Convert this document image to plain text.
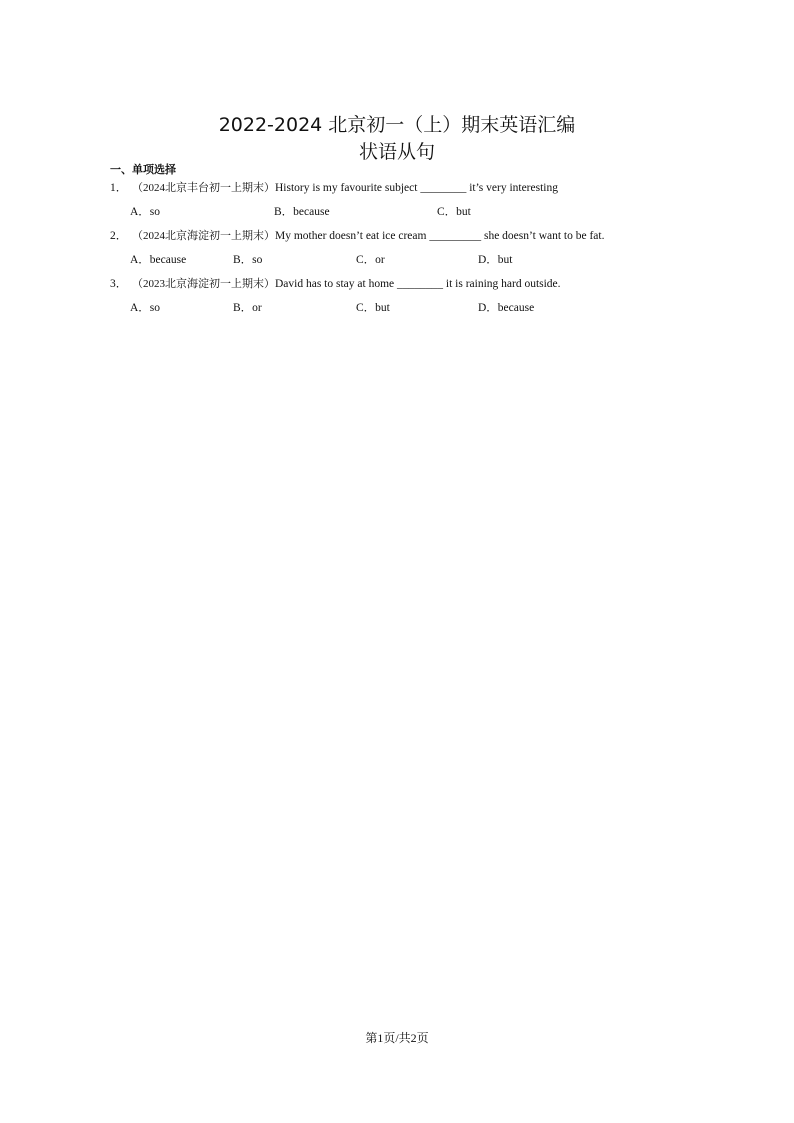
2022-2024 北京初一（上）期末英语汇编
状语从句
一、单项选择
1． （2024北京丰台初一上期末）History is my favourite subject ________ it’s very interesting
A．so	B．because	C．but
2． （2024北京海淀初一上期末）My mother doesn’t eat ice cream _________ she doesn’t want to be fat.
A．because	B．so	C．or	D．but
3． （2023北京海淀初一上期末）David has to stay at home ________ it is raining hard outside.
A．so	B．or	C．but	D．because
第1页/共2页
